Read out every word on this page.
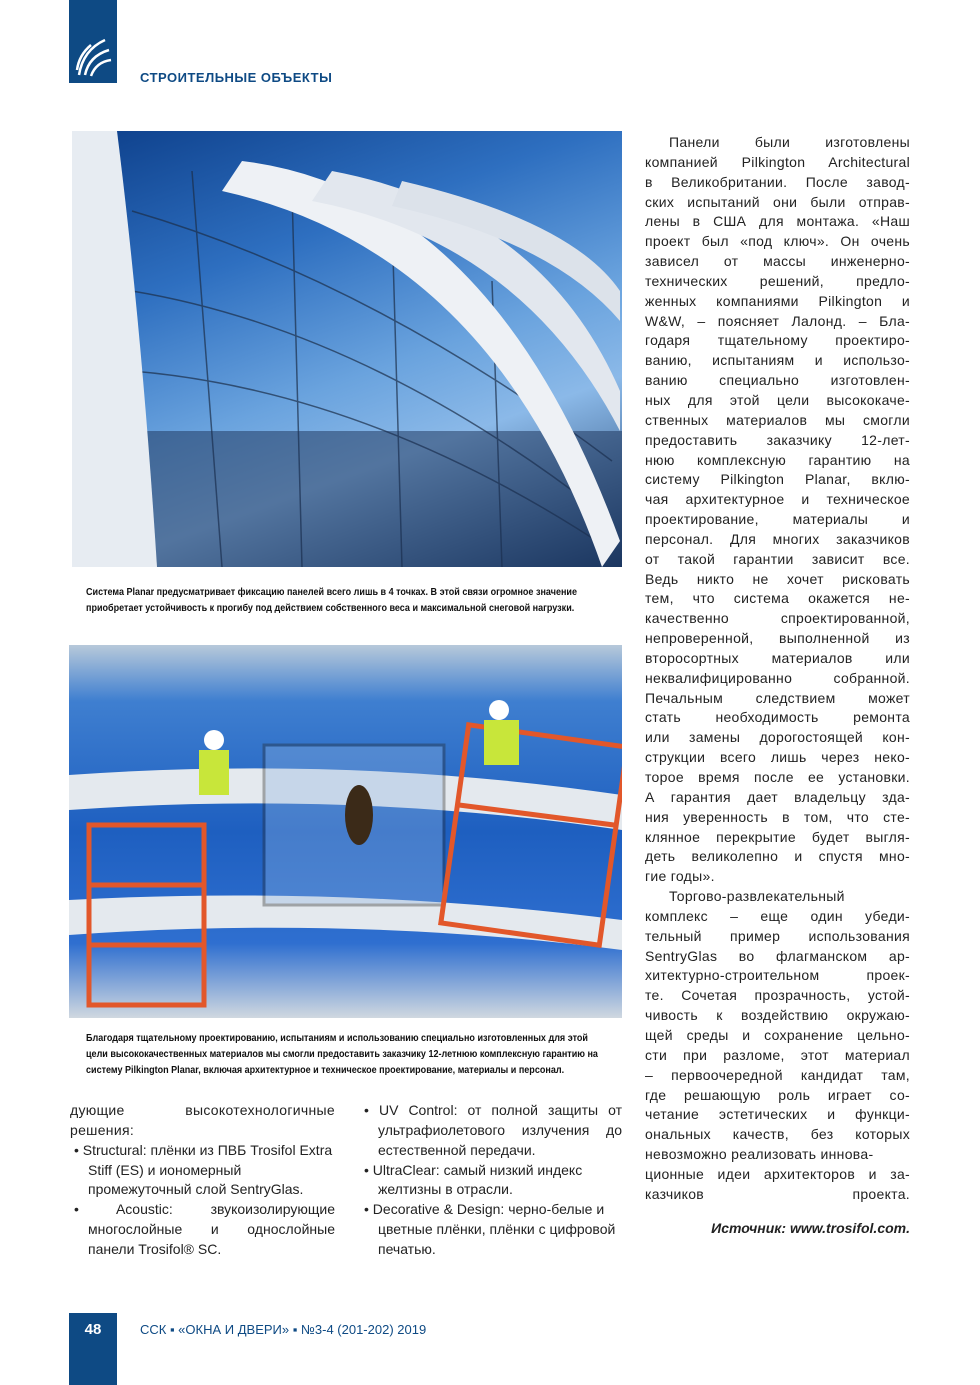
СТРОИТЕЛЬНЫЕ ОБЪЕКТЫ
Система Planar предусматривает фиксацию панелей всего лишь в 4 точках. В этой связи огромное значение приобретает устойчивость к прогибу под действием собственного веса и максимальной снеговой нагрузки.
Благодаря тщательному проектированию, испытаниям и использованию специально изготовленных для этой цели высококачественных материалов мы смогли предоставить заказчику 12-летнюю комплексную гарантию на систему Pilkington Planar, включая архитектурное и техническое проектирование, материалы и персонал.
Панели были изготовлены
компанией Pilkington Architectural
в Великобритании. После завод-
ских испытаний они были отправ-
лены в США для монтажа. «Наш
проект был «под ключ». Он очень
зависел от массы инженерно-
технических решений, предло-
женных компаниями Pilkington и
W&W, – поясняет Лалонд. – Бла-
годаря тщательному проектиро-
ванию, испытаниям и использо-
ванию специально изготовлен-
ных для этой цели высококаче-
ственных материалов мы смогли
предоставить заказчику 12-лет-
нюю комплексную гарантию на
систему Pilkington Planar, вклю-
чая архитектурное и техническое
проектирование, материалы и
персонал. Для многих заказчиков
от такой гарантии зависит все.
Ведь никто не хочет рисковать
тем, что система окажется не-
качественно спроектированной,
непроверенной, выполненной из
второсортных материалов или
неквалифицированно собранной.
Печальным следствием может
стать необходимость ремонта
или замены дорогостоящей кон-
струкции всего лишь через неко-
торое время после ее установки.
А гарантия дает владельцу зда-
ния уверенность в том, что сте-
клянное перекрытие будет выгля-
деть великолепно и спустя мно-
гие годы».
Торгово-развлекательный
комплекс – еще один убеди-
тельный пример использования
SentryGlas во флагманском ар-
хитектурно-строительном проек-
те. Сочетая прозрачность, устой-
чивость к воздействию окружаю-
щей среды и сохранение цельно-
сти при разломе, этот материал
– первоочередной кандидат там,
где решающую роль играет со-
четание эстетических и функци-
ональных качеств, без которых
невозможно реализовать иннова-
ционные идеи архитекторов и за-
казчиков проекта.
дующие высокотехнологичные
решения:
• Structural: плёнки из ПВБ Trosifol Extra Stiff (ES) и иономерный промежуточный слой SentryGlas.
• Acoustic: звукоизолирующие многослойные и однослойные панели Trosifol® SC.
• UV Control: от полной защиты от ультрафиолетового излучения до естественной передачи.
• UltraClear: самый низкий индекс желтизны в отрасли.
• Decorative & Design: черно-белые и цветные плёнки, плёнки с цифровой печатью.
Источник: www.trosifol.com.
48	ССК ▪ «ОКНА И ДВЕРИ» ▪ №3-4 (201-202) 2019
